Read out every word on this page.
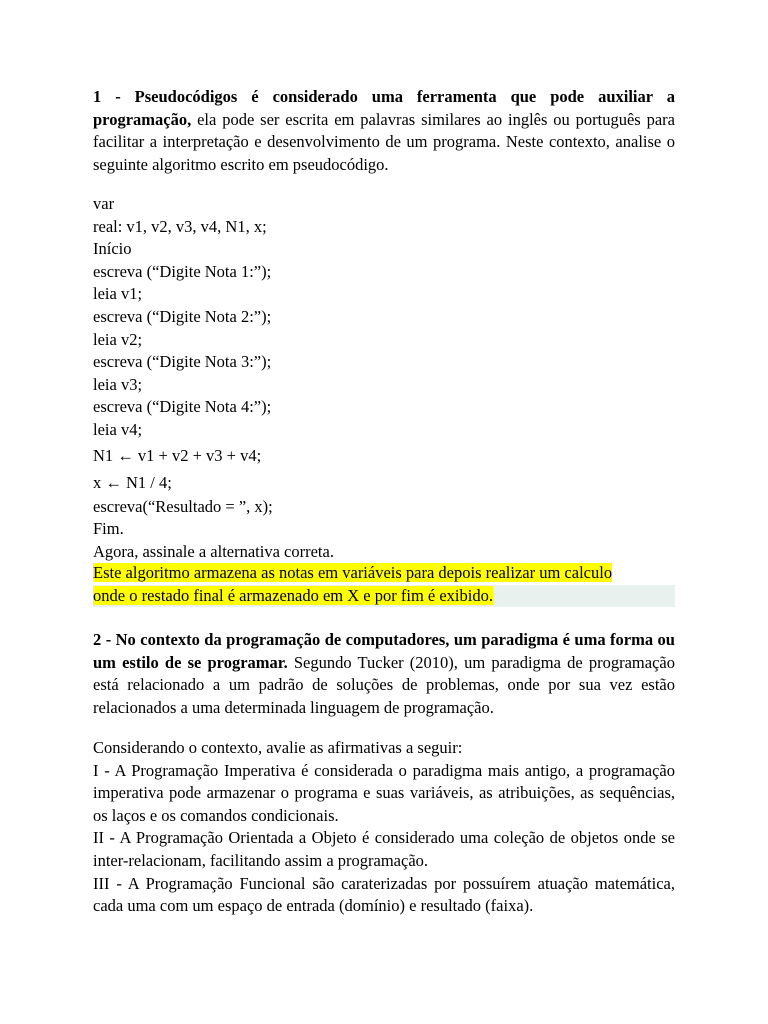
1 - Pseudocódigos é considerado uma ferramenta que pode auxiliar a programação, ela pode ser escrita em palavras similares ao inglês ou português para facilitar a interpretação e desenvolvimento de um programa. Neste contexto, analise o seguinte algoritmo escrito em pseudocódigo.
var
real: v1, v2, v3, v4, N1, x;
Início
escreva (“Digite Nota 1:”);
leia v1;
escreva (“Digite Nota 2:”);
leia v2;
escreva (“Digite Nota 3:”);
leia v3;
escreva (“Digite Nota 4:”);
leia v4;
N1 ← v1 + v2 + v3 + v4;
x ← N1 / 4;
escreva(“Resultado = ”, x);
Fim.
Agora, assinale a alternativa correta.
Este algoritmo armazena as notas em variáveis para depois realizar um calculo
onde o restado final é armazenado em X e por fim é exibido.
2 - No contexto da programação de computadores, um paradigma é uma forma ou um estilo de se programar. Segundo Tucker (2010), um paradigma de programação está relacionado a um padrão de soluções de problemas, onde por sua vez estão relacionados a uma determinada linguagem de programação.
Considerando o contexto, avalie as afirmativas a seguir:
I - A Programação Imperativa é considerada o paradigma mais antigo, a programação imperativa pode armazenar o programa e suas variáveis, as atribuições, as sequências, os laços e os comandos condicionais.
II - A Programação Orientada a Objeto é considerado uma coleção de objetos onde se inter-relacionam, facilitando assim a programação.
III - A Programação Funcional são caraterizadas por possuírem atuação matemática, cada uma com um espaço de entrada (domínio) e resultado (faixa).
